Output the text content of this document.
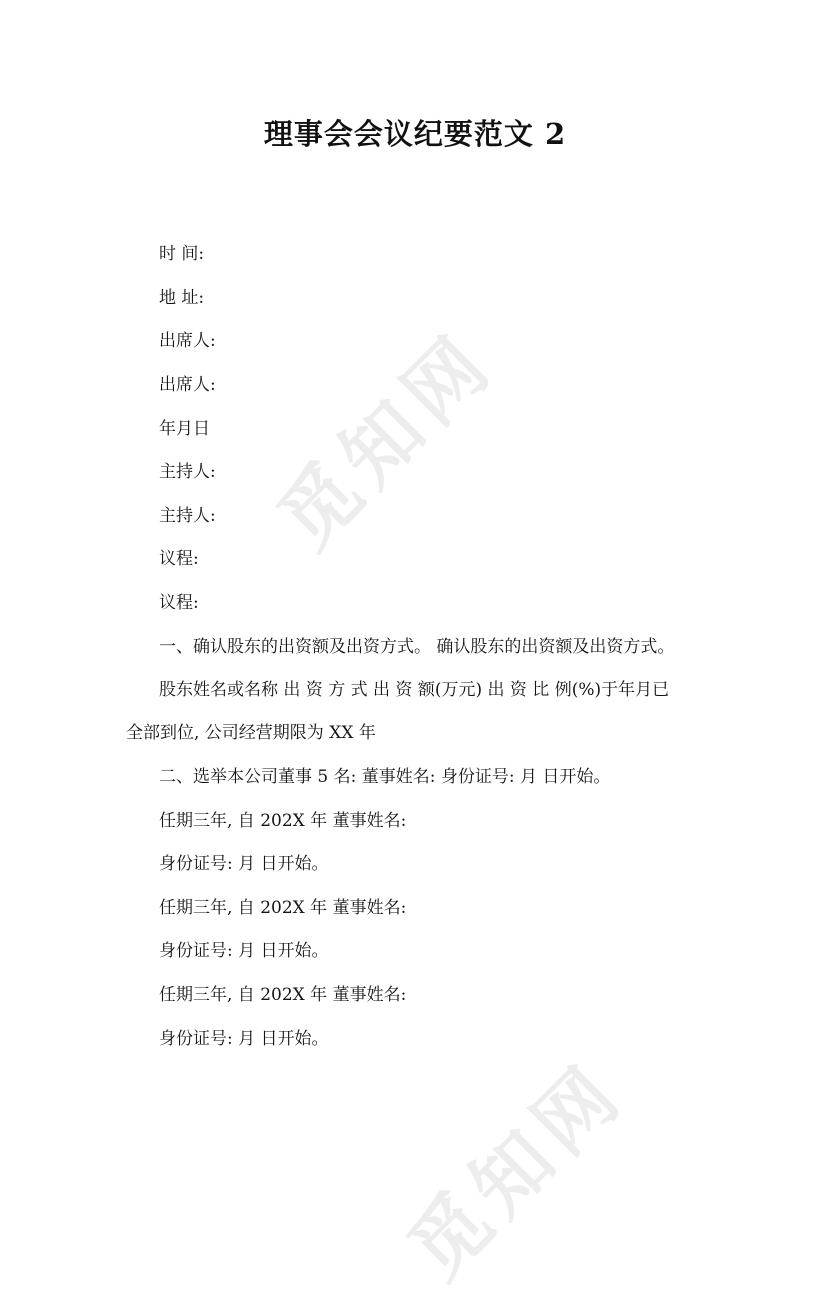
觅知网
觅知网
理事会会议纪要范文 2
时 间:
地 址:
出席人:
出席人:
年月日
主持人:
主持人:
议程:
议程:
一、确认股东的出资额及出资方式。 确认股东的出资额及出资方式。
股东姓名或名称 出 资 方 式 出 资 额(万元) 出 资 比 例(%)于年月已
全部到位, 公司经营期限为 XX 年
二、选举本公司董事 5 名: 董事姓名: 身份证号: 月 日开始。
任期三年, 自 202X 年 董事姓名:
身份证号: 月 日开始。
任期三年, 自 202X 年 董事姓名:
身份证号: 月 日开始。
任期三年, 自 202X 年 董事姓名:
身份证号: 月 日开始。
